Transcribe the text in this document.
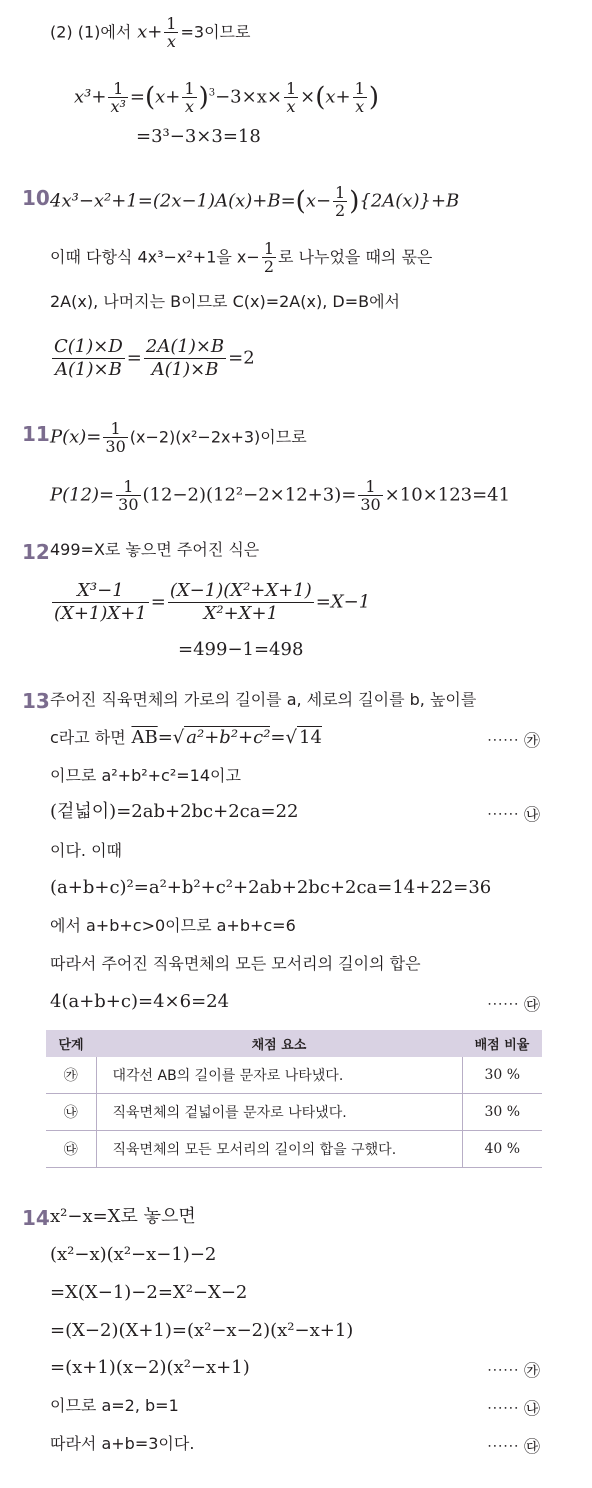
(2) (1)에서 $x+ \frac{1}{x} =3$이므로
$x^3+ \frac{1}{\text{x³}} =(x+ \frac{1}{x} )^3-3\times x\times \frac{1}{x} \times(x+ \frac{1}{x}$ )
=3³−3×3=18
10 $4x^3-x^2+1=(2x-1)A(x)+B=(x- \frac{1}{2} )\{2A(x)\}+B$
이때 다항식 4x³−x²+1을 $x- \frac{1}{2}$ 로 나누었을 때의 몫은
2A(x), 나머지는 B이므로 C(x)=2A(x), D=B에서
$\frac{C(1)\times D}{A(1)\times B} = \frac{2A(1)\times B}{A(1)\times B} =2$
11 $P(x)= \frac{1}{30} (x-2)(x^2-2x+3)$이므로
$P(12)= \frac{1}{30} (12-2)(12^2-2\times 12+3)= \frac{1}{30} \times 10\times 123=41$
12 499=X로 놓으면 주어진 식은
$\frac{\text{X³−1}}{(X+1)X+1} = \frac{\text{(X−1)(X²+X+1)}}{\text{X²+X+1}} =X-1$
=499−1=498
13 주어진 직육면체의 가로의 길이를 a, 세로의 길이를 b, 높이를
c라고 하면 $\overline{AB}=√$ a²+b²+c²=√ 14	⋯⋯ ㉮
이므로 a²+b²+c²=14이고
(겉넓이)=2ab+2bc+2ca=22	⋯⋯ ㉯
이다. 이때
(a+b+c)²=a²+b²+c²+2ab+2bc+2ca=14+22=36
에서 a+b+c>0이므로 a+b+c=6
따라서 주어진 직육면체의 모든 모서리의 길이의 합은
4(a+b+c)=4×6=24	⋯⋯ ㉰
단계	채점 요소	배점 비율
㉮	대각선 AB의 길이를 문자로 나타냈다.	30 %
㉯	직육면체의 겉넓이를 문자로 나타냈다.	30 %
㉰	직육면체의 모든 모서리의 길이의 합을 구했다.	40 %
14 x²−x=X로 놓으면
(x²−x)(x²−x−1)−2
=X(X−1)−2=X²−X−2
=(X−2)(X+1)=(x²−x−2)(x²−x+1)
=(x+1)(x−2)(x²−x+1)	⋯⋯ ㉮
이므로 a=2, b=1	⋯⋯ ㉯
따라서 a+b=3이다.	⋯⋯ ㉰
